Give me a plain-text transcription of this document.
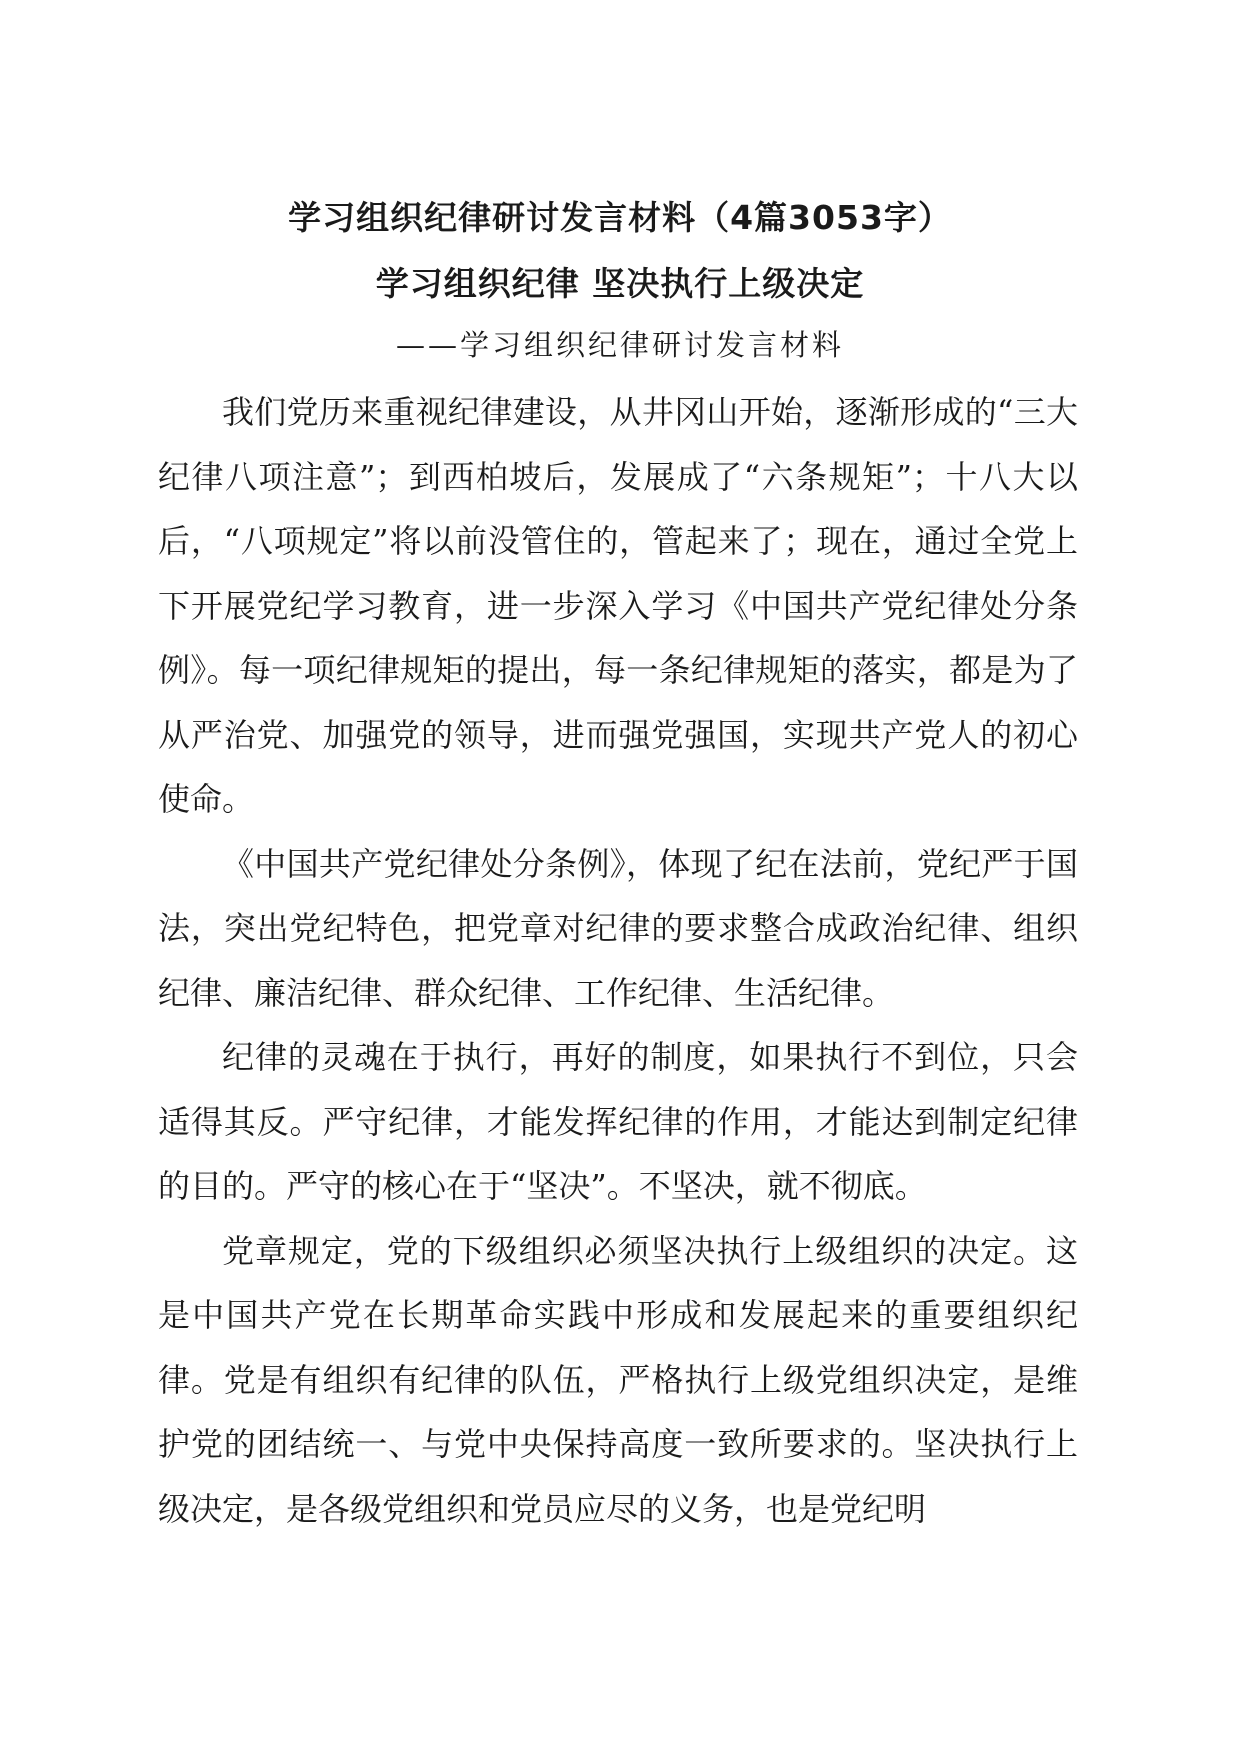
学习组织纪律研讨发言材料（4篇3053字）
学习组织纪律 坚决执行上级决定
——学习组织纪律研讨发言材料

我们党历来重视纪律建设，从井冈山开始，逐渐形成的“三大纪律八项注意”；到西柏坡后，发展成了“六条规矩”；十八大以后，“八项规定”将以前没管住的，管起来了；现在，通过全党上下开展党纪学习教育，进一步深入学习《中国共产党纪律处分条例》。每一项纪律规矩的提出，每一条纪律规矩的落实，都是为了从严治党、加强党的领导，进而强党强国，实现共产党人的初心使命。

《中国共产党纪律处分条例》，体现了纪在法前，党纪严于国法，突出党纪特色，把党章对纪律的要求整合成政治纪律、组织纪律、廉洁纪律、群众纪律、工作纪律、生活纪律。

纪律的灵魂在于执行，再好的制度，如果执行不到位，只会适得其反。严守纪律，才能发挥纪律的作用，才能达到制定纪律的目的。严守的核心在于“坚决”。不坚决，就不彻底。

党章规定，党的下级组织必须坚决执行上级组织的决定。这是中国共产党在长期革命实践中形成和发展起来的重要组织纪律。党是有组织有纪律的队伍，严格执行上级党组织决定，是维护党的团结统一、与党中央保持高度一致所要求的。坚决执行上级决定，是各级党组织和党员应尽的义务，也是党纪明
